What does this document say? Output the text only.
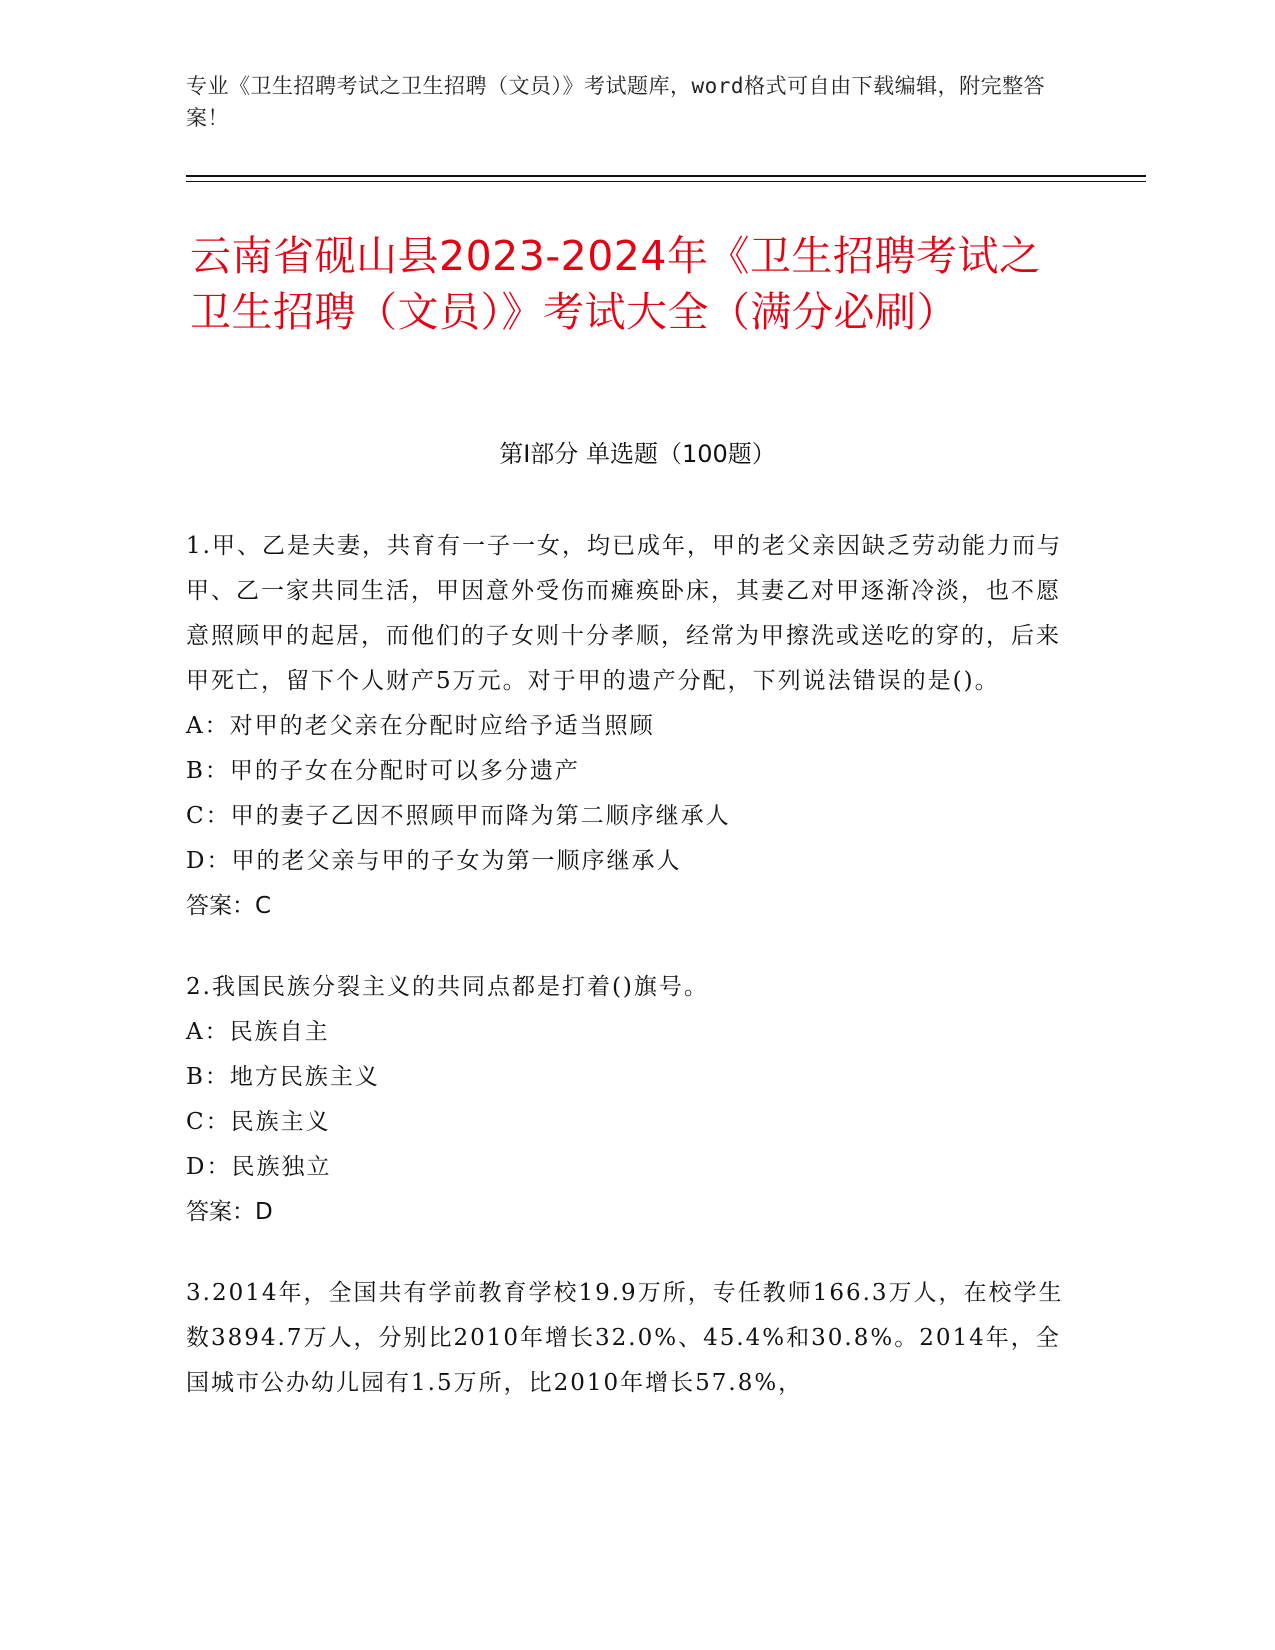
专业《卫生招聘考试之卫生招聘（文员）》考试题库，word格式可自由下载编辑，附完整答案！
云南省砚山县2023-2024年《卫生招聘考试之卫生招聘（文员）》考试大全（满分必刷）
第I部分 单选题（100题）
1.甲、乙是夫妻，共育有一子一女，均已成年，甲的老父亲因缺乏劳动能力而与甲、乙一家共同生活，甲因意外受伤而瘫痪卧床，其妻乙对甲逐渐冷淡，也不愿意照顾甲的起居，而他们的子女则十分孝顺，经常为甲擦洗或送吃的穿的，后来甲死亡，留下个人财产5万元。对于甲的遗产分配，下列说法错误的是()。
A：对甲的老父亲在分配时应给予适当照顾
B：甲的子女在分配时可以多分遗产
C：甲的妻子乙因不照顾甲而降为第二顺序继承人
D：甲的老父亲与甲的子女为第一顺序继承人
答案：C
2.我国民族分裂主义的共同点都是打着()旗号。
A：民族自主
B：地方民族主义
C：民族主义
D：民族独立
答案：D
3.2014年，全国共有学前教育学校19.9万所，专任教师166.3万人，在校学生数3894.7万人，分别比2010年增长32.0%、45.4%和30.8%。2014年，全国城市公办幼儿园有1.5万所，比2010年增长57.8%，
